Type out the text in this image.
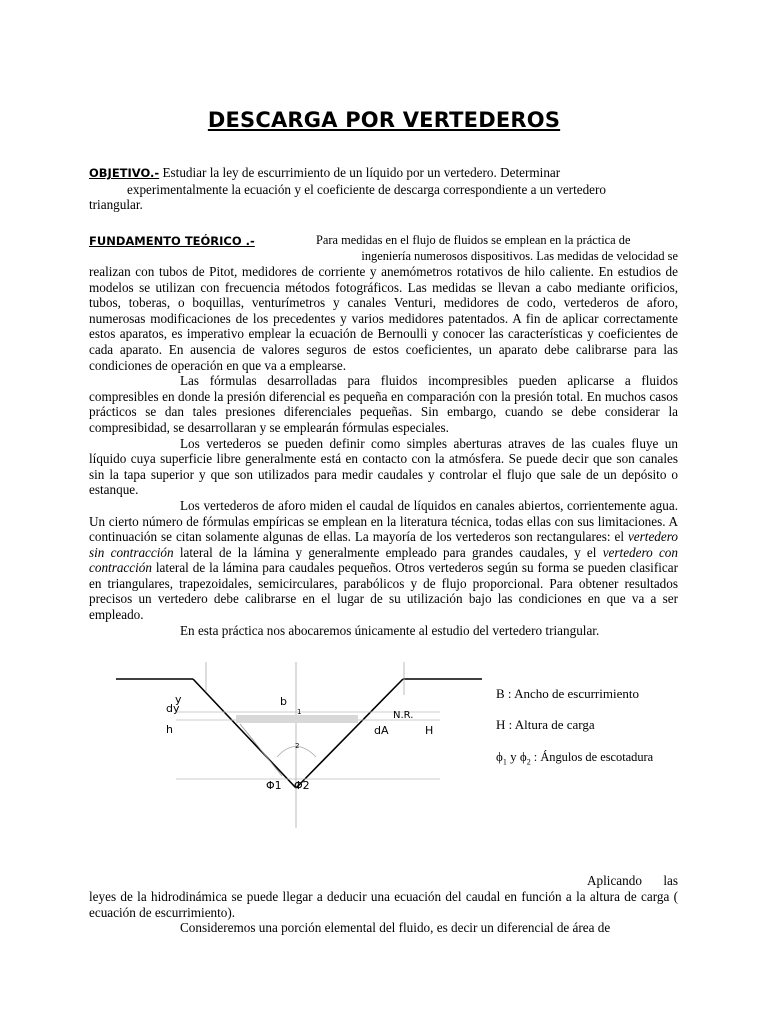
DESCARGA POR VERTEDEROS
OBJETIVO.- Estudiar la ley de escurrimiento de un líquido por un vertedero. Determinar
experimentalmente la ecuación y el coeficiente de descarga correspondiente a un vertedero
triangular.
FUNDAMENTO TEÓRICO .-	Para medidas en el flujo de fluidos se emplean en la práctica de
ingeniería numerosos dispositivos. Las medidas de velocidad se
realizan con tubos de Pitot, medidores de corriente y anemómetros rotativos de hilo caliente. En estudios de modelos se utilizan con frecuencia métodos fotográficos. Las medidas se llevan a cabo mediante orificios, tubos, toberas, o boquillas, venturímetros y canales Venturi, medidores de codo, vertederos de aforo, numerosas modificaciones de los precedentes y varios medidores patentados. A fin de aplicar correctamente estos aparatos, es imperativo emplear la ecuación de Bernoulli y conocer las características y coeficientes de cada aparato. En ausencia de valores seguros de estos coeficientes, un aparato debe calibrarse para las condiciones de operación en que va a emplearse.
Las fórmulas desarrolladas para fluidos incompresibles pueden aplicarse a fluidos compresibles en donde la presión diferencial es pequeña en comparación con la presión total. En muchos casos prácticos se dan tales presiones diferenciales pequeñas. Sin embargo, cuando se debe considerar la compresibidad, se desarrollaran y se emplearán fórmulas especiales.
Los vertederos se pueden definir como simples aberturas atraves de las cuales fluye un líquido cuya superficie libre generalmente está en contacto con la atmósfera. Se puede decir que son canales sin la tapa superior y que son utilizados para medir caudales y controlar el flujo que sale de un depósito o estanque.
Los vertederos de aforo miden el caudal de líquidos en canales abiertos, corrientemente agua. Un cierto número de fórmulas empíricas se emplean en la literatura técnica, todas ellas con sus limitaciones. A continuación se citan solamente algunas de ellas. La mayoría de los vertederos son rectangulares: el vertedero sin contracción lateral de la lámina y generalmente empleado para grandes caudales, y el vertedero con contracción lateral de la lámina para caudales pequeños. Otros vertederos según su forma se pueden clasificar en triangulares, trapezoidales, semicirculares, parabólicos y de flujo proporcional. Para obtener resultados precisos un vertedero debe calibrarse en el lugar de su utilización bajo las condiciones en que va a ser empleado.
En esta práctica nos abocaremos únicamente al estudio del vertedero triangular.
y
dy
h
b
1	N.R.
dA	H
2
Φ1 Φ2
B : Ancho de escurrimiento
H : Altura de carga
$\phi_1$ y $\phi_2$ : Ángulos de escotadura
Aplicando las
leyes de la hidrodinámica se puede llegar a deducir una ecuación del caudal en función a la altura de carga ( ecuación de escurrimiento).
Consideremos una porción elemental del fluido, es decir un diferencial de área de
